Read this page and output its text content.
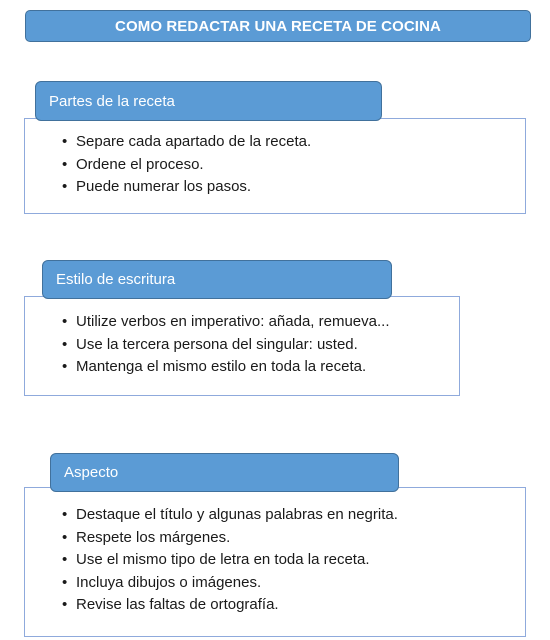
COMO REDACTAR UNA RECETA DE COCINA
Partes de la receta
• Separe cada apartado de la receta.
• Ordene el proceso.
• Puede numerar los pasos.
Estilo de escritura
• Utilize verbos en imperativo: añada, remueva...
• Use la tercera persona del singular: usted.
• Mantenga el mismo estilo en toda la receta.
Aspecto
• Destaque el título y algunas palabras en negrita.
• Respete los márgenes.
• Use el mismo tipo de letra en toda la receta.
• Incluya dibujos o imágenes.
• Revise las faltas de ortografía.
